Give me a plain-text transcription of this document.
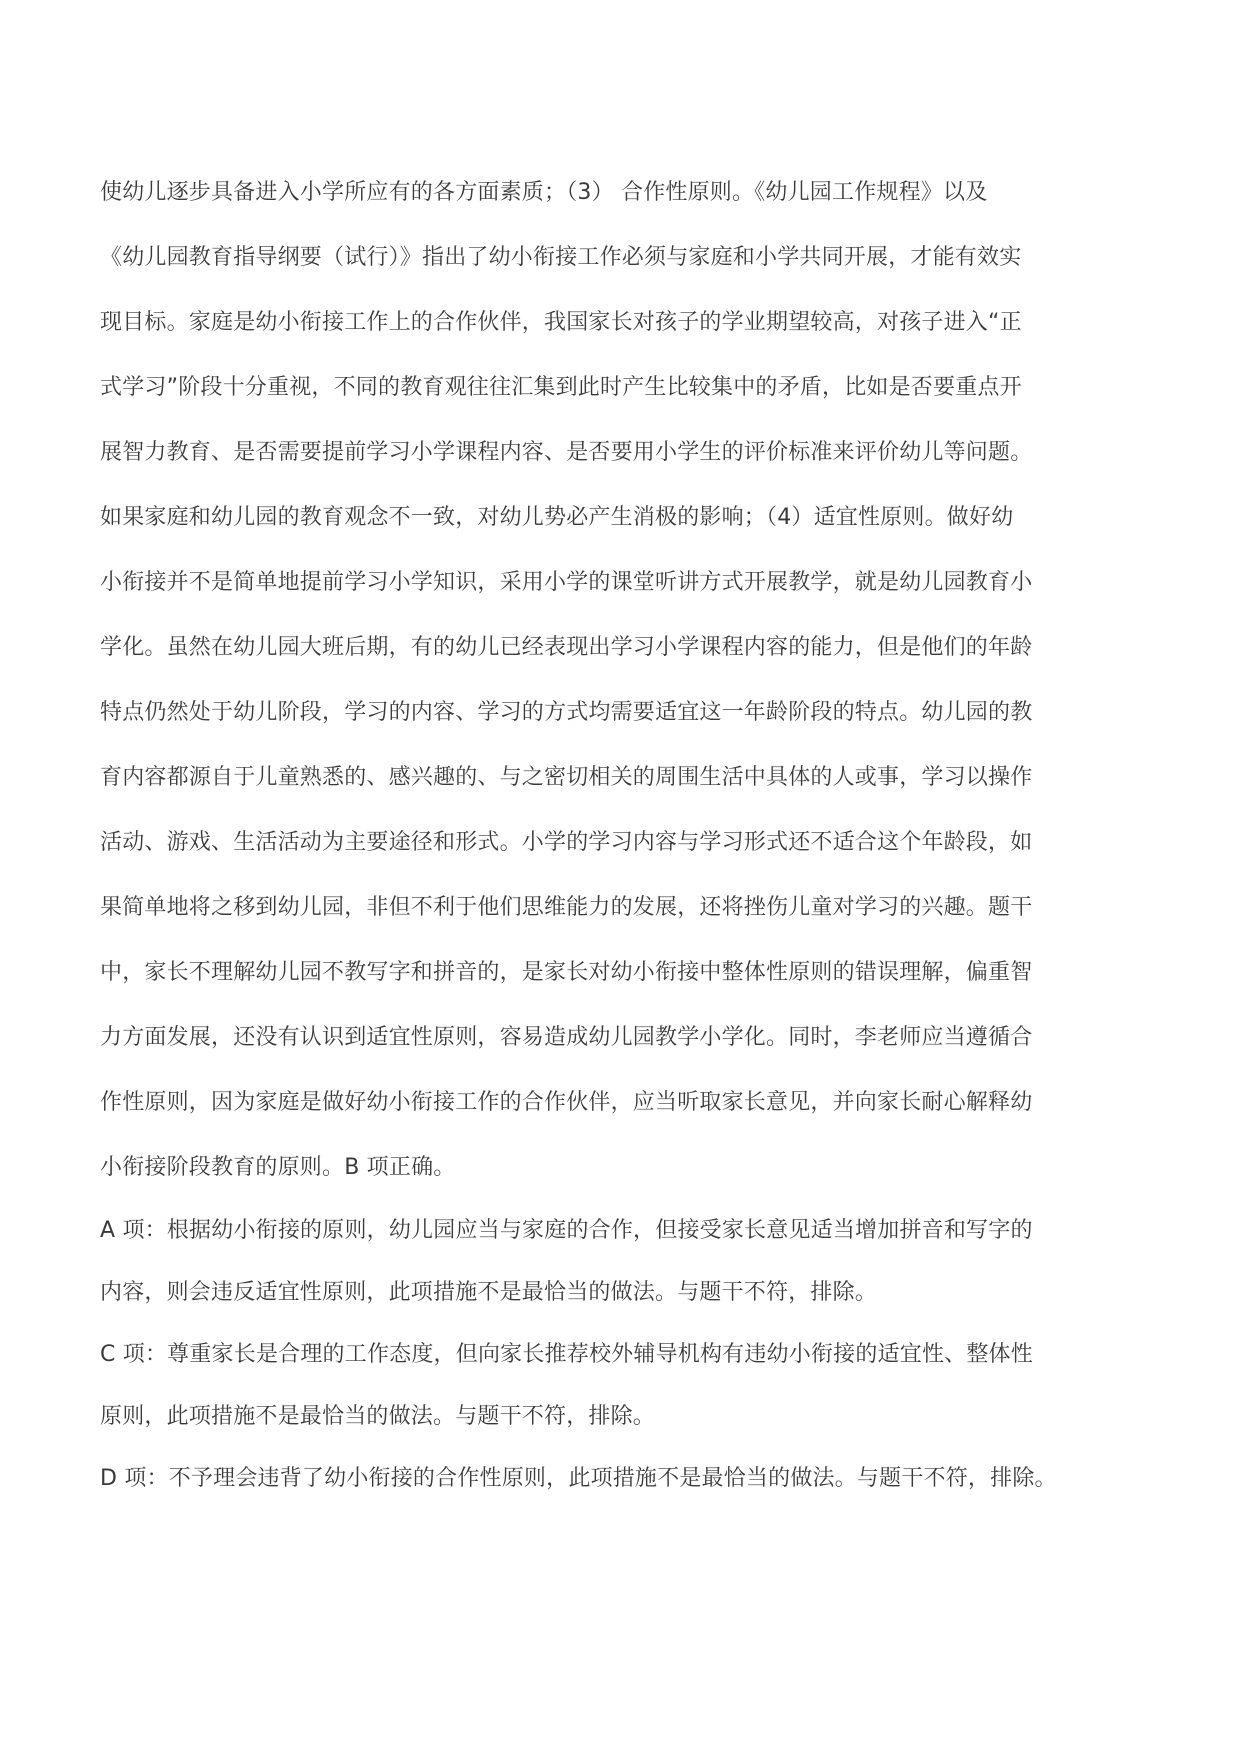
使幼儿逐步具备进入小学所应有的各方面素质；（3） 合作性原则。《幼儿园工作规程》以及
《幼儿园教育指导纲要（试行）》指出了幼小衔接工作必须与家庭和小学共同开展，才能有效实
现目标。家庭是幼小衔接工作上的合作伙伴，我国家长对孩子的学业期望较高，对孩子进入“正
式学习”阶段十分重视，不同的教育观往往汇集到此时产生比较集中的矛盾，比如是否要重点开
展智力教育、是否需要提前学习小学课程内容、是否要用小学生的评价标准来评价幼儿等问题。
如果家庭和幼儿园的教育观念不一致，对幼儿势必产生消极的影响；（4）适宜性原则。做好幼
小衔接并不是简单地提前学习小学知识，采用小学的课堂听讲方式开展教学，就是幼儿园教育小
学化。虽然在幼儿园大班后期，有的幼儿已经表现出学习小学课程内容的能力，但是他们的年龄
特点仍然处于幼儿阶段，学习的内容、学习的方式均需要适宜这一年龄阶段的特点。幼儿园的教
育内容都源自于儿童熟悉的、感兴趣的、与之密切相关的周围生活中具体的人或事，学习以操作
活动、游戏、生活活动为主要途径和形式。小学的学习内容与学习形式还不适合这个年龄段，如
果简单地将之移到幼儿园，非但不利于他们思维能力的发展，还将挫伤儿童对学习的兴趣。题干
中，家长不理解幼儿园不教写字和拼音的，是家长对幼小衔接中整体性原则的错误理解，偏重智
力方面发展，还没有认识到适宜性原则，容易造成幼儿园教学小学化。同时，李老师应当遵循合
作性原则，因为家庭是做好幼小衔接工作的合作伙伴，应当听取家长意见，并向家长耐心解释幼
小衔接阶段教育的原则。B 项正确。
A 项：根据幼小衔接的原则，幼儿园应当与家庭的合作，但接受家长意见适当增加拼音和写字的
内容，则会违反适宜性原则，此项措施不是最恰当的做法。与题干不符，排除。
C 项：尊重家长是合理的工作态度，但向家长推荐校外辅导机构有违幼小衔接的适宜性、整体性
原则，此项措施不是最恰当的做法。与题干不符，排除。
D 项：不予理会违背了幼小衔接的合作性原则，此项措施不是最恰当的做法。与题干不符，排除。
